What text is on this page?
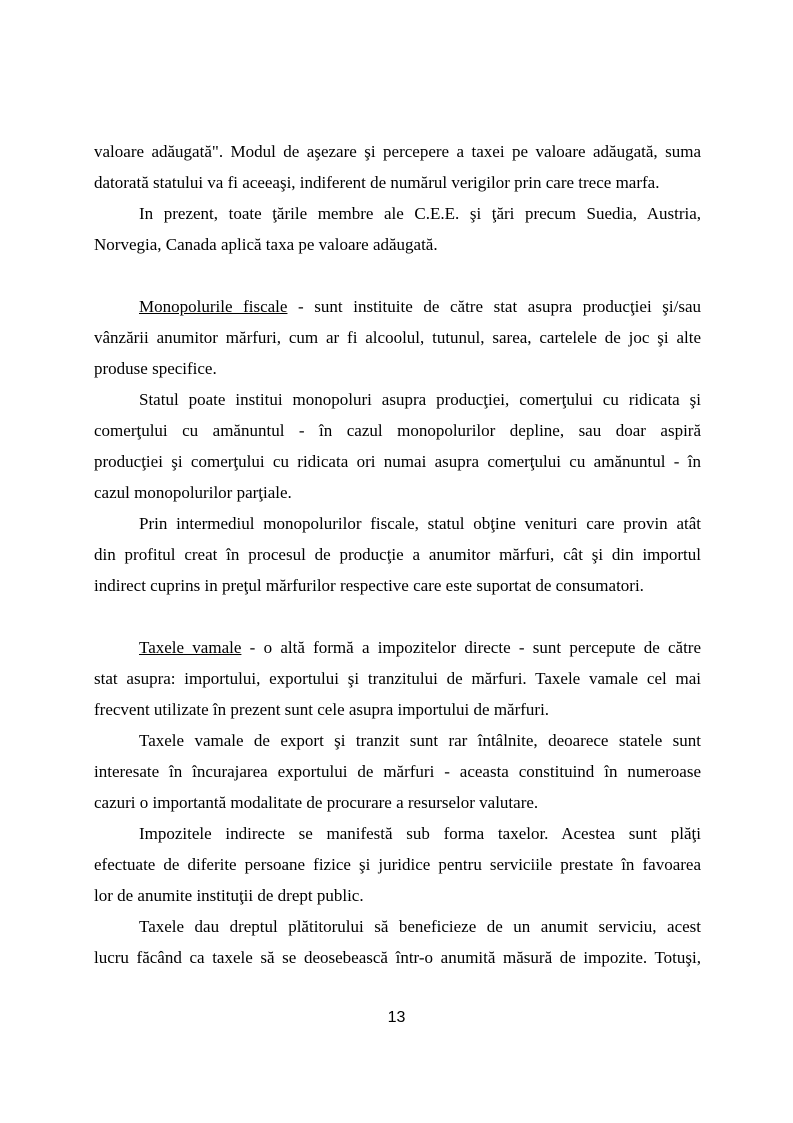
valoare adăugată". Modul de aşezare şi percepere a taxei pe valoare adăugată, suma
datorată statului va fi aceeaşi, indiferent de numărul verigilor prin care trece marfa.
In prezent, toate ţările membre ale C.E.E. şi ţări precum Suedia, Austria,
Norvegia, Canada aplică taxa pe valoare adăugată.
Monopolurile fiscale - sunt instituite de către stat asupra producţiei şi/sau
vânzării anumitor mărfuri, cum ar fi alcoolul, tutunul, sarea, cartelele de joc şi alte
produse specifice.
Statul poate institui monopoluri asupra producţiei, comerţului cu ridicata şi
comerţului cu amănuntul - în cazul monopolurilor depline, sau doar aspiră
producţiei şi comerţului cu ridicata ori numai asupra comerţului cu amănuntul - în
cazul monopolurilor parţiale.
Prin intermediul monopolurilor fiscale, statul obţine venituri care provin atât
din profitul creat în procesul de producţie a anumitor mărfuri, cât şi din importul
indirect cuprins in preţul mărfurilor respective care este suportat de consumatori.
Taxele vamale - o altă formă a impozitelor directe - sunt percepute de către
stat asupra: importului, exportului şi tranzitului de mărfuri. Taxele vamale cel mai
frecvent utilizate în prezent sunt cele asupra importului de mărfuri.
Taxele vamale de export şi tranzit sunt rar întâlnite, deoarece statele sunt
interesate în încurajarea exportului de mărfuri - aceasta constituind în numeroase
cazuri o importantă modalitate de procurare a resurselor valutare.
Impozitele indirecte se manifestă sub forma taxelor. Acestea sunt plăţi
efectuate de diferite persoane fizice şi juridice pentru serviciile prestate în favoarea
lor de anumite instituţii de drept public.
Taxele dau dreptul plătitorului să beneficieze de un anumit serviciu, acest
lucru făcând ca taxele să se deosebească într-o anumită măsură de impozite. Totuşi,
13
